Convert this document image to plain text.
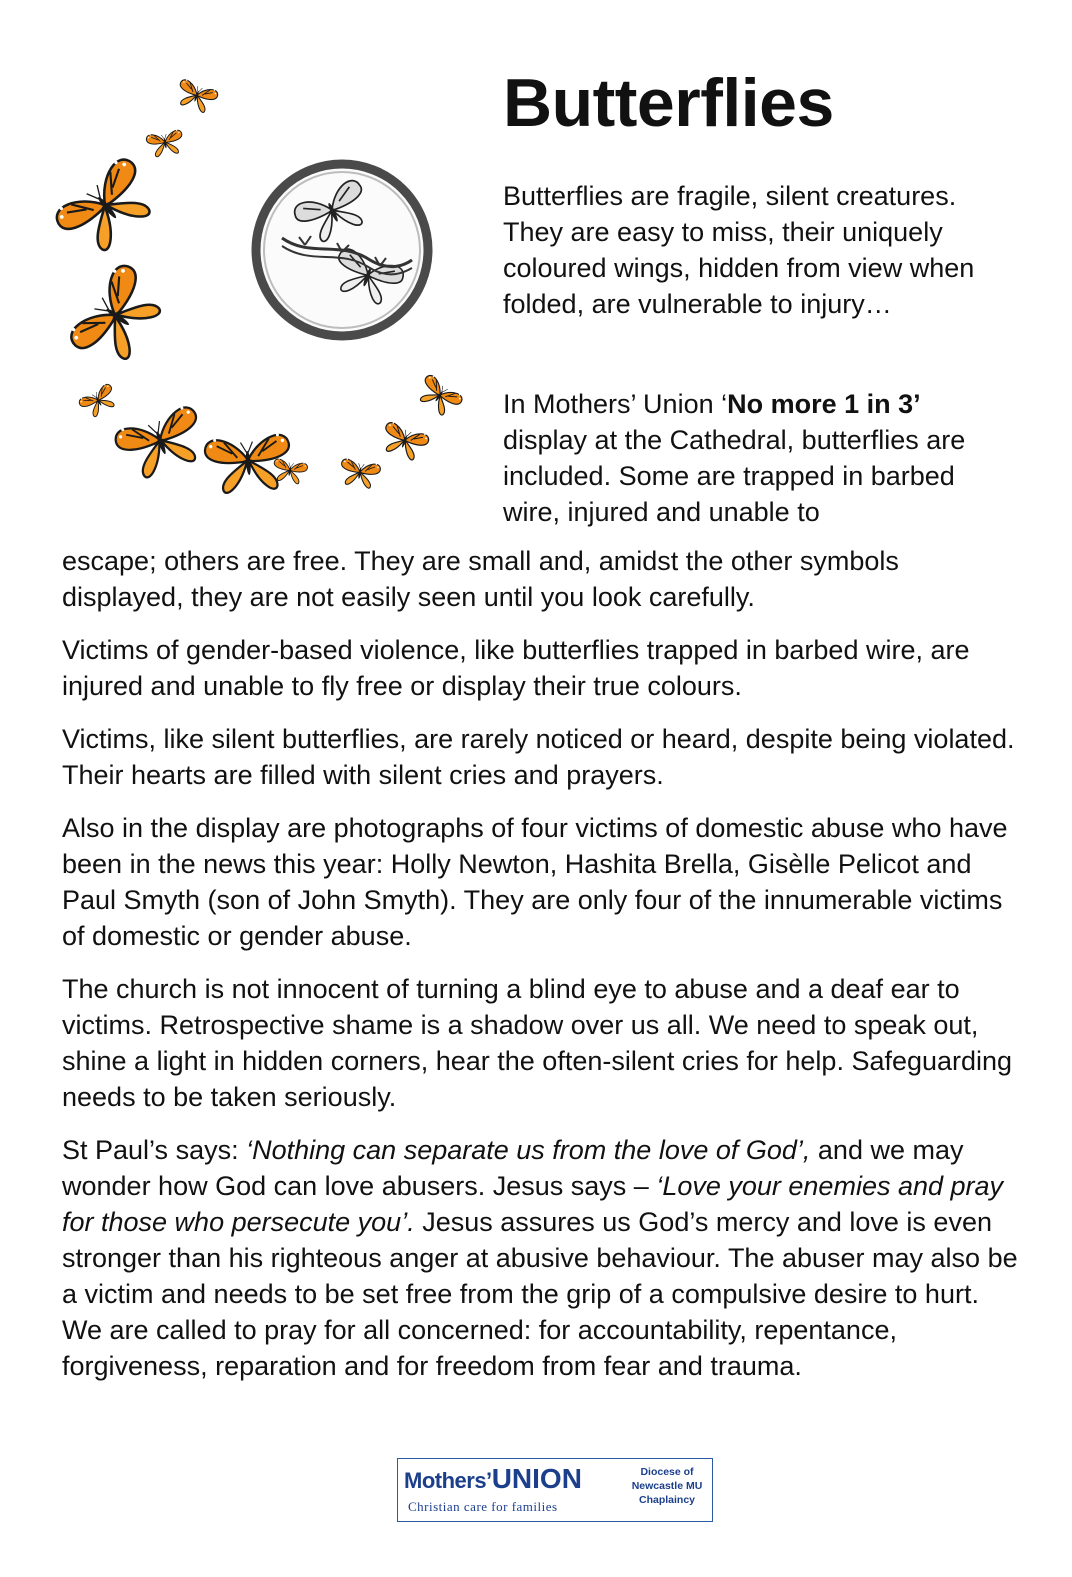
Butterflies

Butterflies are fragile, silent creatures. They are easy to miss, their uniquely coloured wings, hidden from view when folded, are vulnerable to injury…

In Mothers’ Union ‘No more 1 in 3’ display at the Cathedral, butterflies are included. Some are trapped in barbed wire, injured and unable to

escape; others are free. They are small and, amidst the other symbols displayed, they are not easily seen until you look carefully.

Victims of gender-based violence, like butterflies trapped in barbed wire, are injured and unable to fly free or display their true colours.

Victims, like silent butterflies, are rarely noticed or heard, despite being violated. Their hearts are filled with silent cries and prayers.

Also in the display are photographs of four victims of domestic abuse who have been in the news this year: Holly Newton, Hashita Brella, Gisèlle Pelicot and Paul Smyth (son of John Smyth). They are only four of the innumerable victims of domestic or gender abuse.

The church is not innocent of turning a blind eye to abuse and a deaf ear to victims. Retrospective shame is a shadow over us all. We need to speak out, shine a light in hidden corners, hear the often-silent cries for help. Safeguarding needs to be taken seriously.

St Paul’s says: ‘Nothing can separate us from the love of God’, and we may wonder how God can love abusers. Jesus says – ‘Love your enemies and pray for those who persecute you’. Jesus assures us God’s mercy and love is even stronger than his righteous anger at abusive behaviour. The abuser may also be a victim and needs to be set free from the grip of a compulsive desire to hurt. We are called to pray for all concerned: for accountability, repentance, forgiveness, reparation and for freedom from fear and trauma.

Mothers’UNION
Christian care for families
Diocese of
Newcastle MU
Chaplaincy
